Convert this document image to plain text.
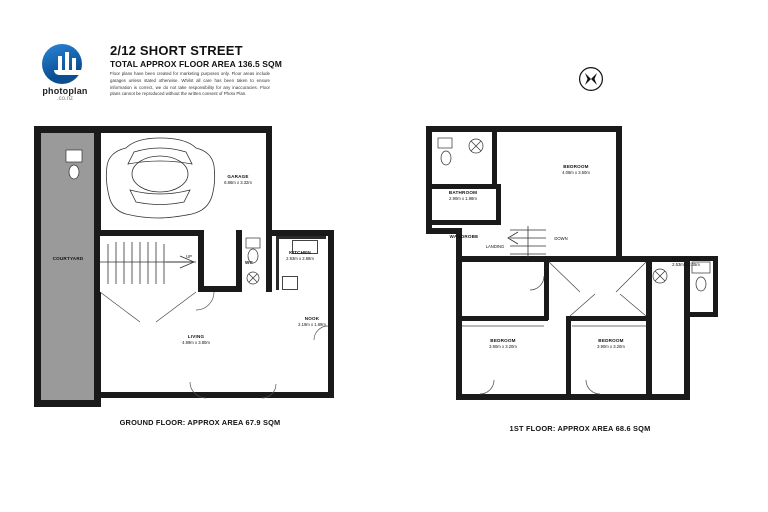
photoplan
.co.nz
2/12 SHORT STREET
TOTAL APPROX FLOOR AREA 136.5 SQM
Floor plans have been created for marketing purposes only. Floor areas include garages unless stated otherwise. Whilst all care has been taken to ensure information is correct, we do not take responsibility for any inaccuracies. Floor plans cannot be reproduced without the written consent of Photo Plan.
COURTYARD
GARAGE
6.86m x 3.32m
KITCHEN
2.93m x 2.68m
WC
NOOK
2.19m x 1.69m
LIVING
4.99m x 3.80m
UP
GROUND FLOOR: APPROX AREA 67.9 SQM
BATHROOM
2.90m x 1.98m
WARDROBE
BEDROOM
4.08m x 3.50m
LANDING
DOWN
BATHROOM
2.53m x 2.05m
BEDROOM
3.90m x 3.20m
BEDROOM
3.90m x 3.20m
1ST FLOOR: APPROX AREA 68.6 SQM
